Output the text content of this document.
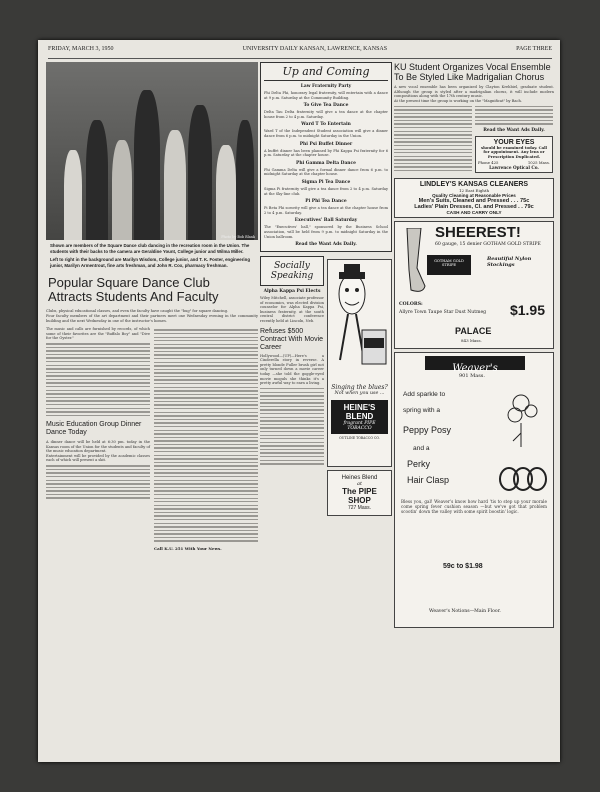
FRIDAY, MARCH 3, 1950	UNIVERSITY DAILY KANSAN, LAWRENCE, KANSAS	PAGE THREE
Photo by Bob Blank
Shown are members of the Square Dance club dancing in the recreation room in the Union. The students with their backs to the camera are Geraldine Yount, College junior and Wilma Miller.
Left to right in the background are Marilyn Wisdom, College junior, and T. K. Foster, engineering junior, Marilyn Armentrout, fine arts freshman, and John R. Cox, pharmacy freshman.
Popular Square Dance Club Attracts Students And Faculty
Clubs, physical educational classes, and even the faculty have caught the "bug" for square dancing.
Four faculty members of the art department and their partners meet one Wednesday evening in the community building and the next Wednesday in one of the instructor's homes.
The music and calls are furnished by records, of which some of their favorites are the "Buffalo Boy" and "Dive for the Oyster."
Music Education Group Dinner Dance Today
A dinner dance will be held at 6:30 pm. today in the Kansas room of the Union for the students and faculty of the music education department.
Entertainment will be provided by the academic classes each of which will present a skit.
Call K.U. 251 With Your News.
Up and Coming
Law Fraternity Party
Phi Delta Phi, honorary legal fraternity, will entertain with a dance at 9 p.m. Saturday at the Community Building.
To Give Tea Dance
Delta Tau Delta fraternity will give a tea dance at the chapter house from 2 to 4 p.m. Saturday.
Ward T To Entertain
Ward T of the Independent Student association will give a dinner dance from 6 p.m. to midnight Saturday in the Union.
Phi Psi Buffet Dinner
A buffet dinner has been planned by Phi Kappa Psi fraternity for 6 p.m. Saturday at the chapter house.
Phi Gamma Delta Dance
Phi Gamma Delta will give a formal dinner dance from 6 p.m. to midnight Saturday at the chapter house.
Sigma Pi Tea Dance
Sigma Pi fraternity will give a tea dance from 2 to 4 p.m. Saturday at the Sky-line club.
Pi Phi Tea Dance
Pi Beta Phi sorority will give a tea dance at the chapter house from 2 to 4 p.m. Saturday.
Executives' Ball Saturday
The "Executives' ball," sponsored by the Business School association, will be held from 9 p.m. to midnight Saturday in the Union ballroom.
Read the Want Ads Daily.
Socially Speaking
Alpha Kappa Psi Elects
Wiley Mitchell, associate professor of economics, was elected division counselor for Alpha Kappa Psi, business fraternity, at the south central district conference recently held at Lincoln, Neb.
Refuses $500 Contract With Movie Career
Hollywood—(UP)—Here's a Cinderella story in reverse. A pretty blonde Fuller brush girl not only turned down a movie career today —she told the goggle-eyed movie moguls she thinks it's a pretty awful way to earn a living.
Singing the blues?
Not when you use ...
HEINE'S BLEND
fragrant PIPE TOBACCO
OUTLINE TOBACCO CO.
Heines Blend
at
The PIPE SHOP
727 Mass.
KU Student Organizes Vocal Ensemble To Be Styled Like Madrigalian Chorus
A new vocal ensemble has been organized by Clayton Krehbiel, graduate student. Although the group is styled after a madrigalian chorus, it will include modern compositions along with the 17th century music.
At the present time the group is working on the "Magnificat" by Bach.
Read the Want Ads Daily.
YOUR EYES
should be examined today. Call for appointment. Any lens or Prescription Duplicated.
Phone 425	1025 Mass.
Lawrence Optical Co.
LINDLEY'S KANSAS CLEANERS
12 East Eighth
Quality Cleaning at Reasonable Prices
Men's Suits, Cleaned and Pressed . . . 75c
Ladies' Plain Dresses, Cl. and Pressed . . 79c
CASH AND CARRY ONLY
SHEEREST!
60 gauge, 15 denier GOTHAM GOLD STRIPE
GOTHAM GOLD STRIPE
Beautiful Nylon Stockings
COLORS:
Allyre Town Taupe Star Dust Nutmeg $1.95
PALACE
843 Mass.
Weaver's
901 Mass.
Add sparkle to
spring with a
Peppy Posy
and a
Perky
Hair Clasp
Bless you, gal! Weaver's know how hard 'tis to step up your morale come spring fever cushion season —but we've got that problem scootin' down the valley with some spirit boostin' logic.
59c to $1.98
Weaver's Notions—Main Floor.
